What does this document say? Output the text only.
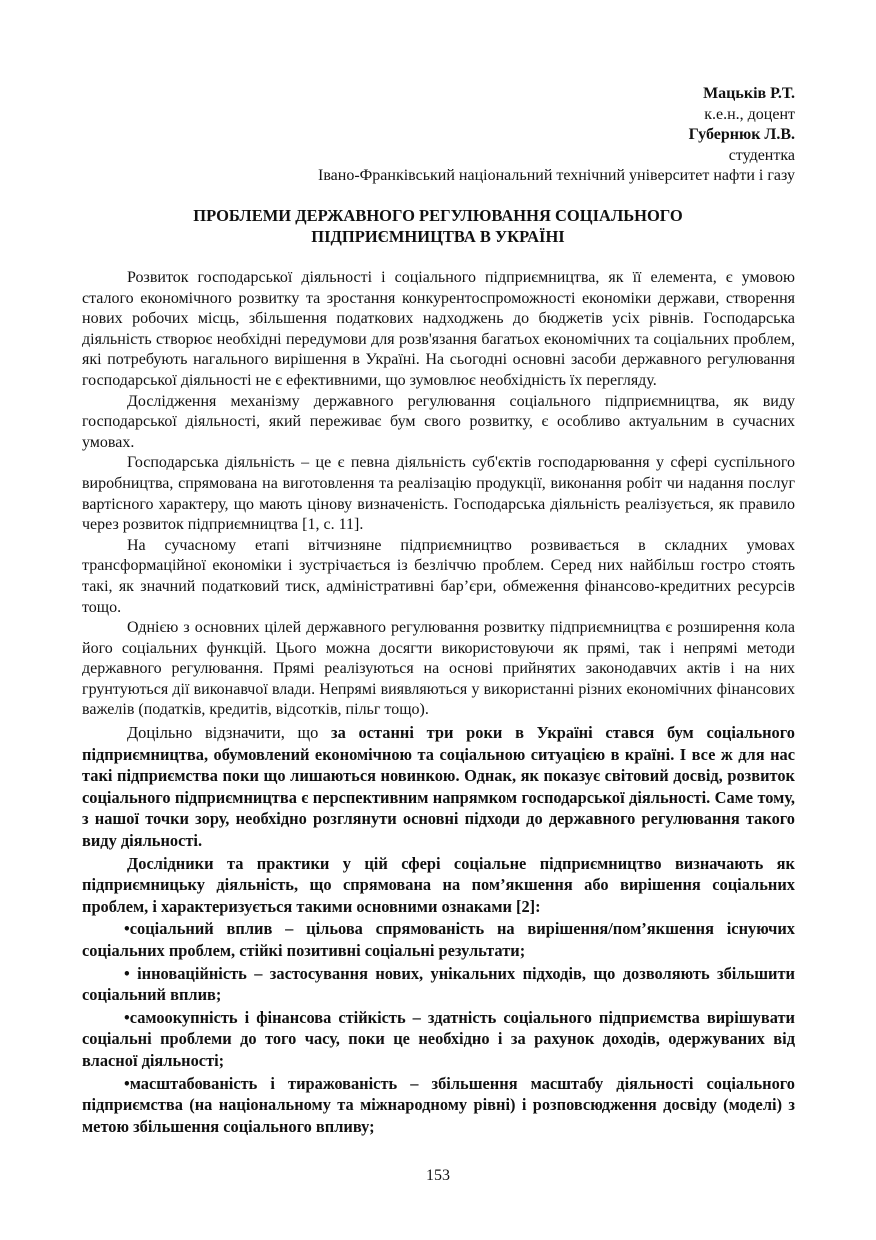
Мацьків Р.Т.
к.е.н., доцент
Губернюк Л.В.
студентка
Івано-Франківський національний технічний університет нафти і газу
ПРОБЛЕМИ ДЕРЖАВНОГО РЕГУЛЮВАННЯ СОЦІАЛЬНОГО
ПІДПРИЄМНИЦТВА В УКРАЇНІ

Розвиток господарської діяльності і соціального підприємництва, як її елемента, є умовою сталого економічного розвитку та зростання конкурентоспроможності економіки держави, створення нових робочих місць, збільшення податкових надходжень до бюджетів усіх рівнів. Господарська діяльність створює необхідні передумови для розв'язання багатьох економічних та соціальних проблем, які потребують нагального вирішення в Україні. На сьогодні основні засоби державного регулювання господарської діяльності не є ефективними, що зумовлює необхідність їх перегляду.

Дослідження механізму державного регулювання соціального підприємництва, як виду господарської діяльності, який переживає бум свого розвитку, є особливо актуальним в сучасних умовах.

Господарська діяльність – це є певна діяльність суб'єктів господарювання у сфері суспільного виробництва, спрямована на виготовлення та реалізацію продукції, виконання робіт чи надання послуг вартісного характеру, що мають цінову визначеність. Господарська діяльність реалізується, як правило через розвиток підприємництва [1, с. 11].

На сучасному етапі вітчизняне підприємництво розвивається в складних умовах трансформаційної економіки і зустрічається із безліччю проблем. Серед них найбільш гостро стоять такі, як значний податковий тиск, адміністративні бар’єри, обмеження фінансово-кредитних ресурсів тощо.

Однією з основних цілей державного регулювання розвитку підприємництва є розширення кола його соціальних функцій. Цього можна досягти використовуючи як прямі, так і непрямі методи державного регулювання. Прямі реалізуються на основі прийнятих законодавчих актів і на них грунтуються дії виконавчої влади. Непрямі виявляються у використанні різних економічних фінансових важелів (податків, кредитів, відсотків, пільг тощо).

Доцільно відзначити, що за останні три роки в Україні стався бум соціального підприємництва, обумовлений економічною та соціальною ситуацією в країні. І все ж для нас такі підприємства поки що лишаються новинкою. Однак, як показує світовий досвід, розвиток соціального підприємництва є перспективним напрямком господарської діяльності. Саме тому, з нашої точки зору, необхідно розглянути основні підходи до державного регулювання такого виду діяльності.

Дослідники та практики у цій сфері соціальне підприємництво визначають як підприємницьку діяльність, що спрямована на пом’якшення або вирішення соціальних проблем, і характеризується такими основними ознаками [2]:

•соціальний вплив – цільова спрямованість на вирішення/пом’якшення існуючих соціальних проблем, стійкі позитивні соціальні результати;

• інноваційність – застосування нових, унікальних підходів, що дозволяють збільшити соціальний вплив;

•самоокупність і фінансова стійкість – здатність соціального підприємства вирішувати соціальні проблеми до того часу, поки це необхідно і за рахунок доходів, одержуваних від власної діяльності;

•масштабованість і тиражованість – збільшення масштабу діяльності соціального підприємства (на національному та міжнародному рівні) і розповсюдження досвіду (моделі) з метою збільшення соціального впливу;

153
